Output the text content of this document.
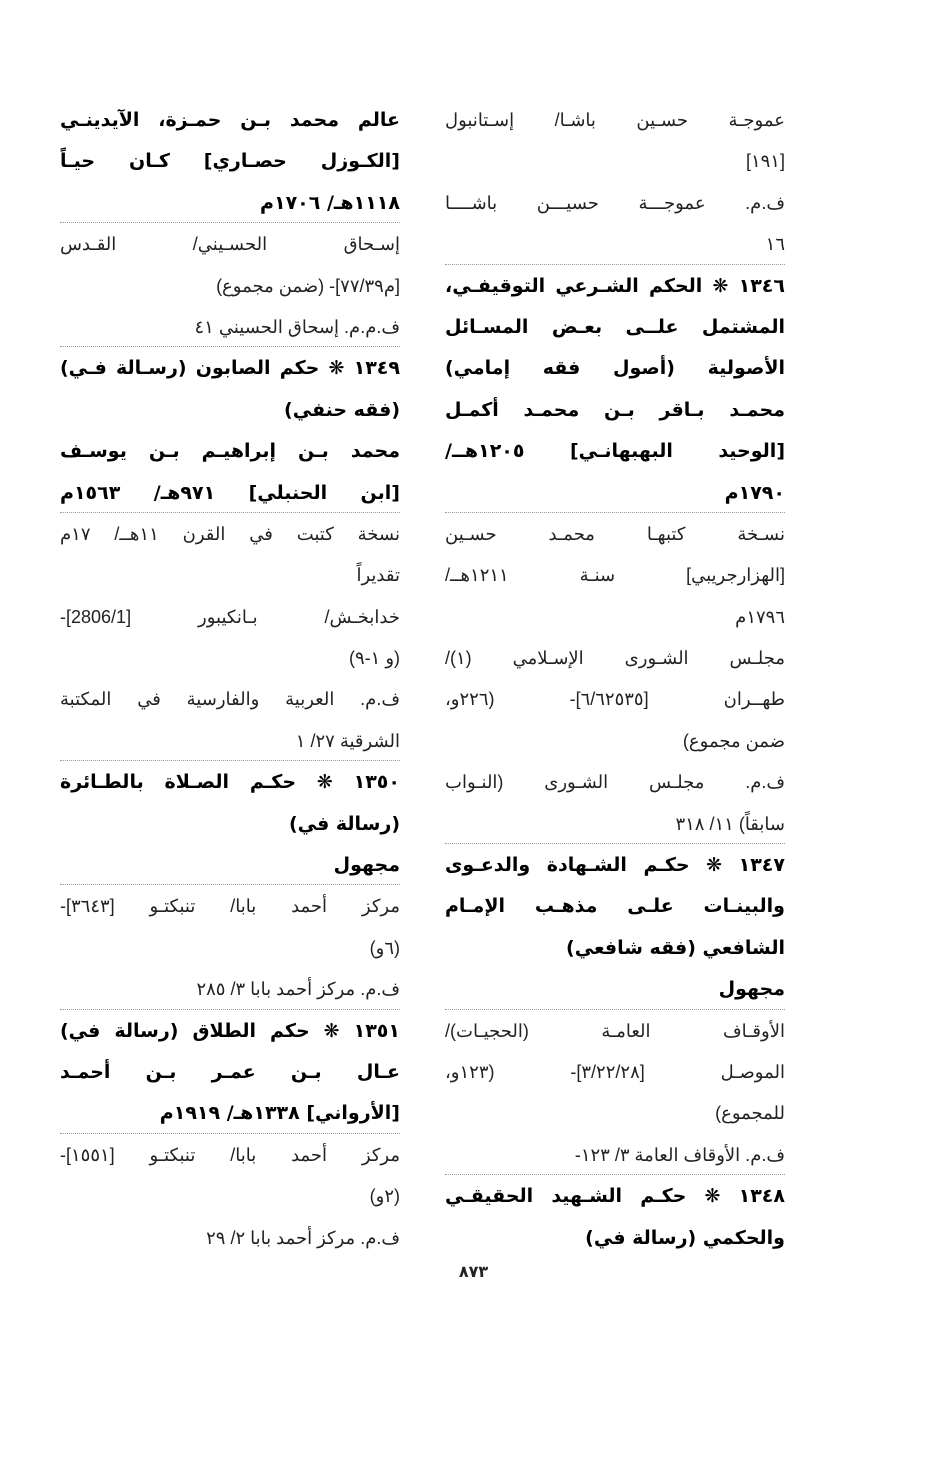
عموجـة حسـين باشـا/ إسـتانبول
[١٩١]
ف.م. عموجـــة حسيـــن باشــــا
١٦
١٣٤٦ ❋ الحكم الشـرعي التوقيفـي،
المشتمل علــى بعـض المسـائل
الأصولية (أصول فقه إمامي)
محمـد بـاقر بـن محمـد أكمـل
[الوحيد البهبهانـي] ١٢٠٥هــ/
١٧٩٠م
نسـخة كتبهـا محمـد حسـين
[الهزارجريبي] سنـة ١٢١١هــ/
١٧٩٦م
مجلـس الشـورى الإسـلامي (١)/
طهــران [٦/٦٢٥٣٥]- (٢٢٦و،
ضمن مجموع)
ف.م. مجلـس الشـورى (النـواب
سابقاً) ١١/ ٣١٨
١٣٤٧ ❋ حكـم الشـهادة والدعـوى
والبينـات علـى مذهـب الإمـام
الشافعي (فقه شافعي)
مجهول
الأوقـاف العامـة (الحجيـات)/
الموصـل [٣/٢٢/٢٨]- (١٢٣و،
للمجموع)
ف.م. الأوقاف العامة ٣/ ١٢٣-
١٣٤٨ ❋ حكـم الشـهيد الحقيقـي
والحكمي (رسالة في)
عالم محمد بـن حمـزة، الآيدينـي
[الكـوزل حصـاري] كـان حيـاً
١١١٨هـ/ ١٧٠٦م
إسـحاق الحسـيني/ القـدس
[م٧٧/٣٩]- (ضمن مجموع)
ف.م.م. إسحاق الحسيني ٤١
١٣٤٩ ❋ حكم الصابون (رسـالة فـي)
(فقه حنفي)
محمد بـن إبراهيـم بـن يوسـف
[ابن الحنبلي] ٩٧١هـ/ ١٥٦٣م
نسخة كتبت في القرن ١١هــ/ ١٧م
تقديراً
خدابخـش/ بـانكيبور [2806/1]-
(و ١-٩)
ف.م. العربية والفارسية في المكتبة
الشرقية ٢٧/ ١
١٣٥٠ ❋ حكـم الصـلاة بالطـائرة
(رسالة في)
مجهول
مركز أحمد بابا/ تنبكتـو [٣٦٤٣]-
(٦و)
ف.م. مركز أحمد بابا ٣/ ٢٨٥
١٣٥١ ❋ حكم الطلاق (رسالة في)
عـال بـن عمـر بـن أحمـد
[الأرواني] ١٣٣٨هـ/ ١٩١٩م
مركز أحمد بابا/ تنبكتـو [١٥٥١]-
(٢و)
ف.م. مركز أحمد بابا ٢/ ٢٩
٨٧٣
